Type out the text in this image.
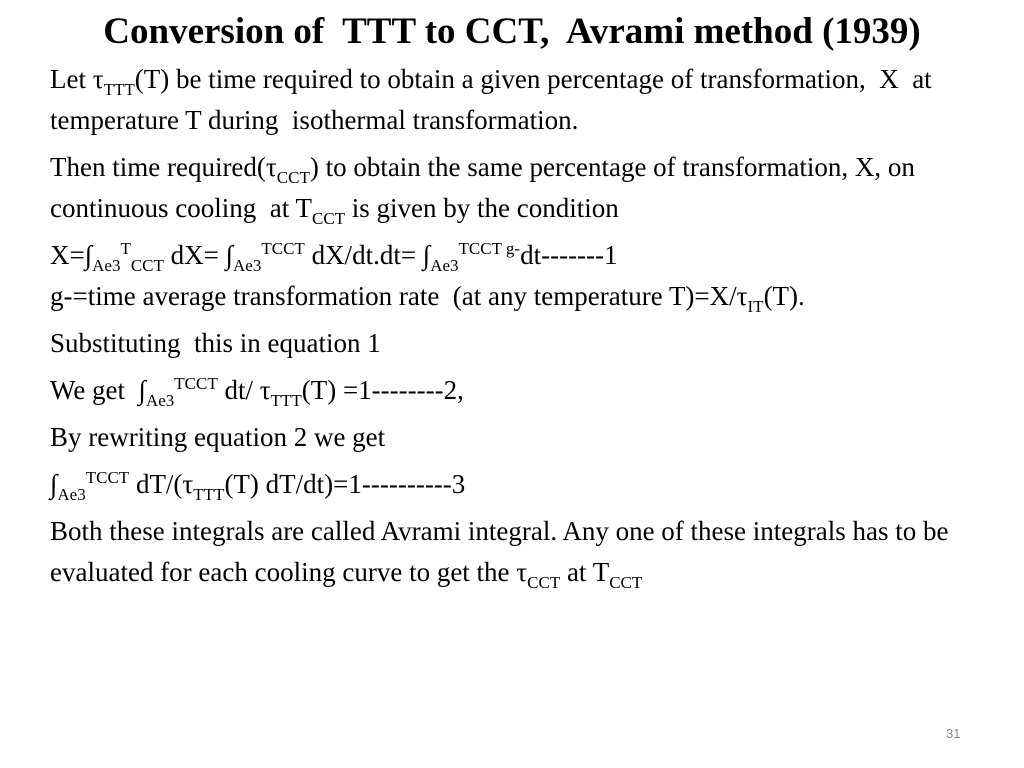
Conversion of  TTT to CCT,  Avrami method (1939)

Let $\tau_{TTT}(T)$ be time required to obtain a given percentage of transformation,  X  at temperature T during  isothermal transformation.

Then time $required(\tau_{CCT})$ to obtain the same percentage of transformation, X, on continuous cooling  at $T_{CCT}$ is given by the condition

$X=\int_{Ae3}^T_{CCT}$ $dX= \int_{Ae3}^{TCCT}$ $dX/dt.dt= \int_{Ae3}^{TCCT g-}dt-------1$

g-=time average transformation rate  (at any temperature $T)=X/\tau_{IT}(T)$.

Substituting  this in equation 1

We get  $\int_{Ae3}^{TCCT}$ dt/ $\tau_{TTT}(T) =1--------2$,

By rewriting equation 2 we get

$\int_{Ae3}^{TCCT}$ $dT/(\tau_{TTT}(T)$ dT/dt)=1----------3

Both these integrals are called Avrami integral. Any one of these integrals has to be evaluated for each cooling curve to get the $\tau_{CCT}$ at $T_{CCT}$

31
